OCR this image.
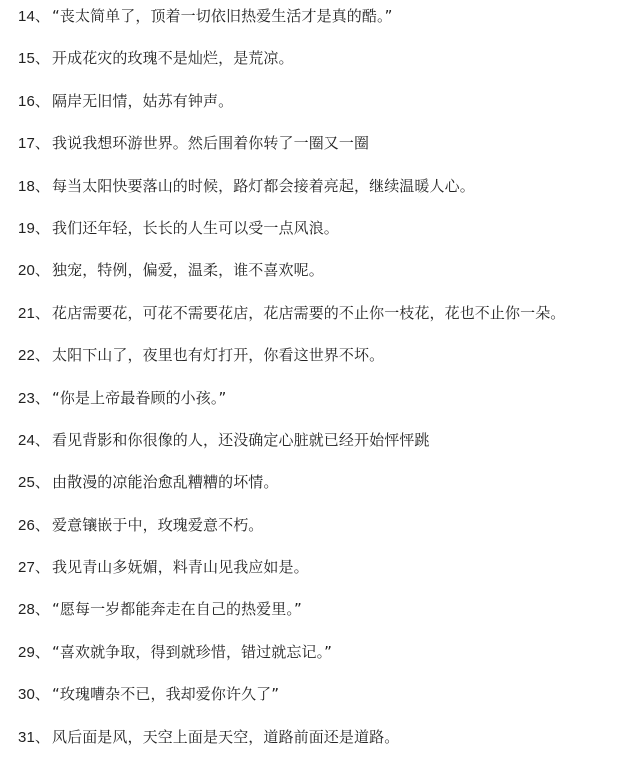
14、 “丧太简单了，顶着一切依旧热爱生活才是真的酷。”
15、 开成花灾的玫瑰不是灿烂，是荒凉。
16、 隔岸无旧情，姑苏有钟声。
17、 我说我想环游世界。然后围着你转了一圈又一圈
18、 每当太阳快要落山的时候，路灯都会接着亮起，继续温暖人心。
19、 我们还年轻，长长的人生可以受一点风浪。
20、 独宠，特例，偏爱，温柔，谁不喜欢呢。
21、 花店需要花，可花不需要花店，花店需要的不止你一枝花，花也不止你一朵。
22、 太阳下山了，夜里也有灯打开，你看这世界不坏。
23、 “你是上帝最眷顾的小孩。”
24、 看见背影和你很像的人，还没确定心脏就已经开始怦怦跳
25、 由散漫的凉能治愈乱糟糟的坏情。
26、 爱意镶嵌于中，玫瑰爱意不朽。
27、 我见青山多妩媚，料青山见我应如是。
28、 “愿每一岁都能奔走在自己的热爱里。”
29、 “喜欢就争取，得到就珍惜，错过就忘记。”
30、 “玫瑰嘈杂不已，我却爱你许久了”
31、 风后面是风，天空上面是天空，道路前面还是道路。
